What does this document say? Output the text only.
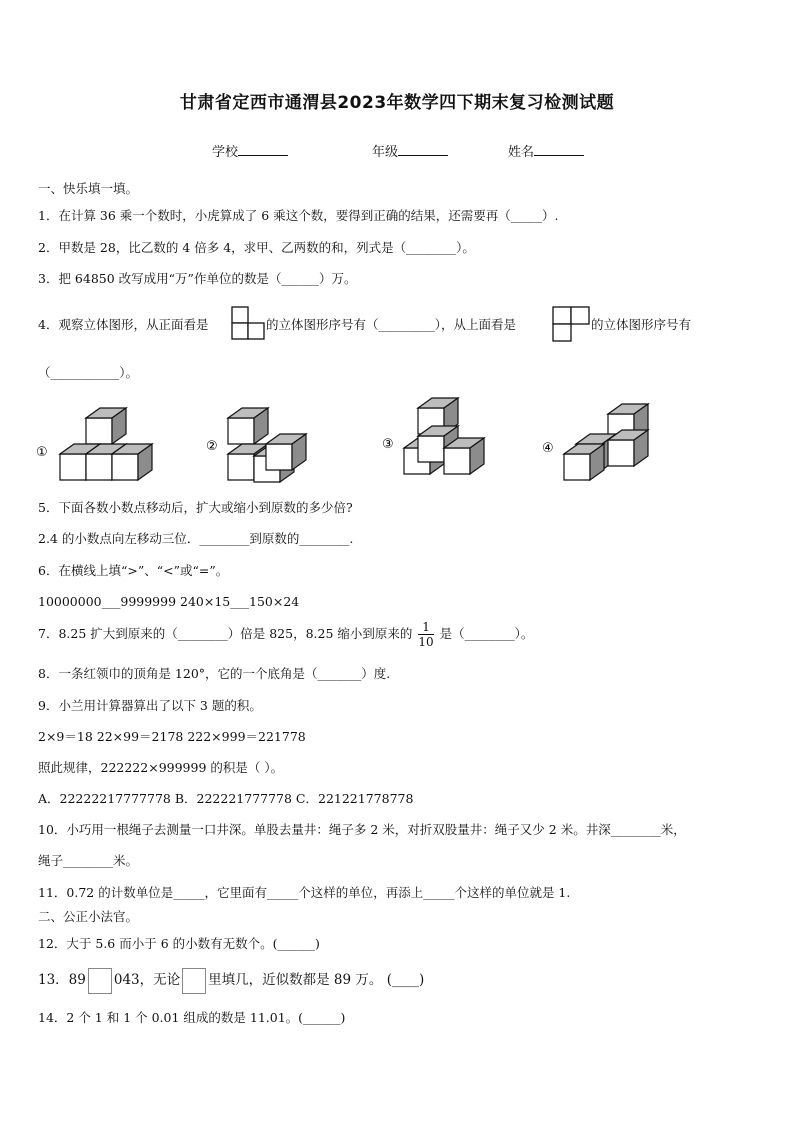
甘肃省定西市通渭县2023年数学四下期末复习检测试题
学校	年级	姓名
一、快乐填一填。
1．在计算 36 乘一个数时，小虎算成了 6 乘这个数，要得到正确的结果，还需要再（_____）.
2．甲数是 28，比乙数的 4 倍多 4，求甲、乙两数的和，列式是（________）。
3．把 64850 改写成用“万”作单位的数是（______）万。
4．观察立体图形，从正面看是	的立体图形序号有（_________），从上面看是	的立体图形序号有
（___________）。
①	②	③	④
5．下面各数小数点移动后，扩大或缩小到原数的多少倍?
2.4 的小数点向左移动三位．________到原数的________.
6．在横线上填“>”、“<”或“=”。
10000000___9999999 240×15___150×24
7．8.25 扩大到原来的（________）倍是 825，8.25 缩小到原来的 $\frac{1}{10}$ 是（________）。
8．一条红领巾的顶角是 120°，它的一个底角是（_______）度.
9．小兰用计算器算出了以下 3 题的积。
2×9＝18 22×99＝2178 222×999＝221778
照此规律，222222×999999 的积是（ ）。
A．22222217777778 B．222221777778 C．221221778778
10．小巧用一根绳子去测量一口井深。单股去量井：绳子多 2 米，对折双股量井：绳子又少 2 米。井深________米，
绳子________米。
11．0.72 的计数单位是_____，它里面有_____个这样的单位，再添上_____个这样的单位就是 1.
二、公正小法官。
12．大于 5.6 而小于 6 的小数有无数个。(______)
13．89 043，无论 里填几，近似数都是 89 万。 (____)
14．2 个 1 和 1 个 0.01 组成的数是 11.01。(______)
